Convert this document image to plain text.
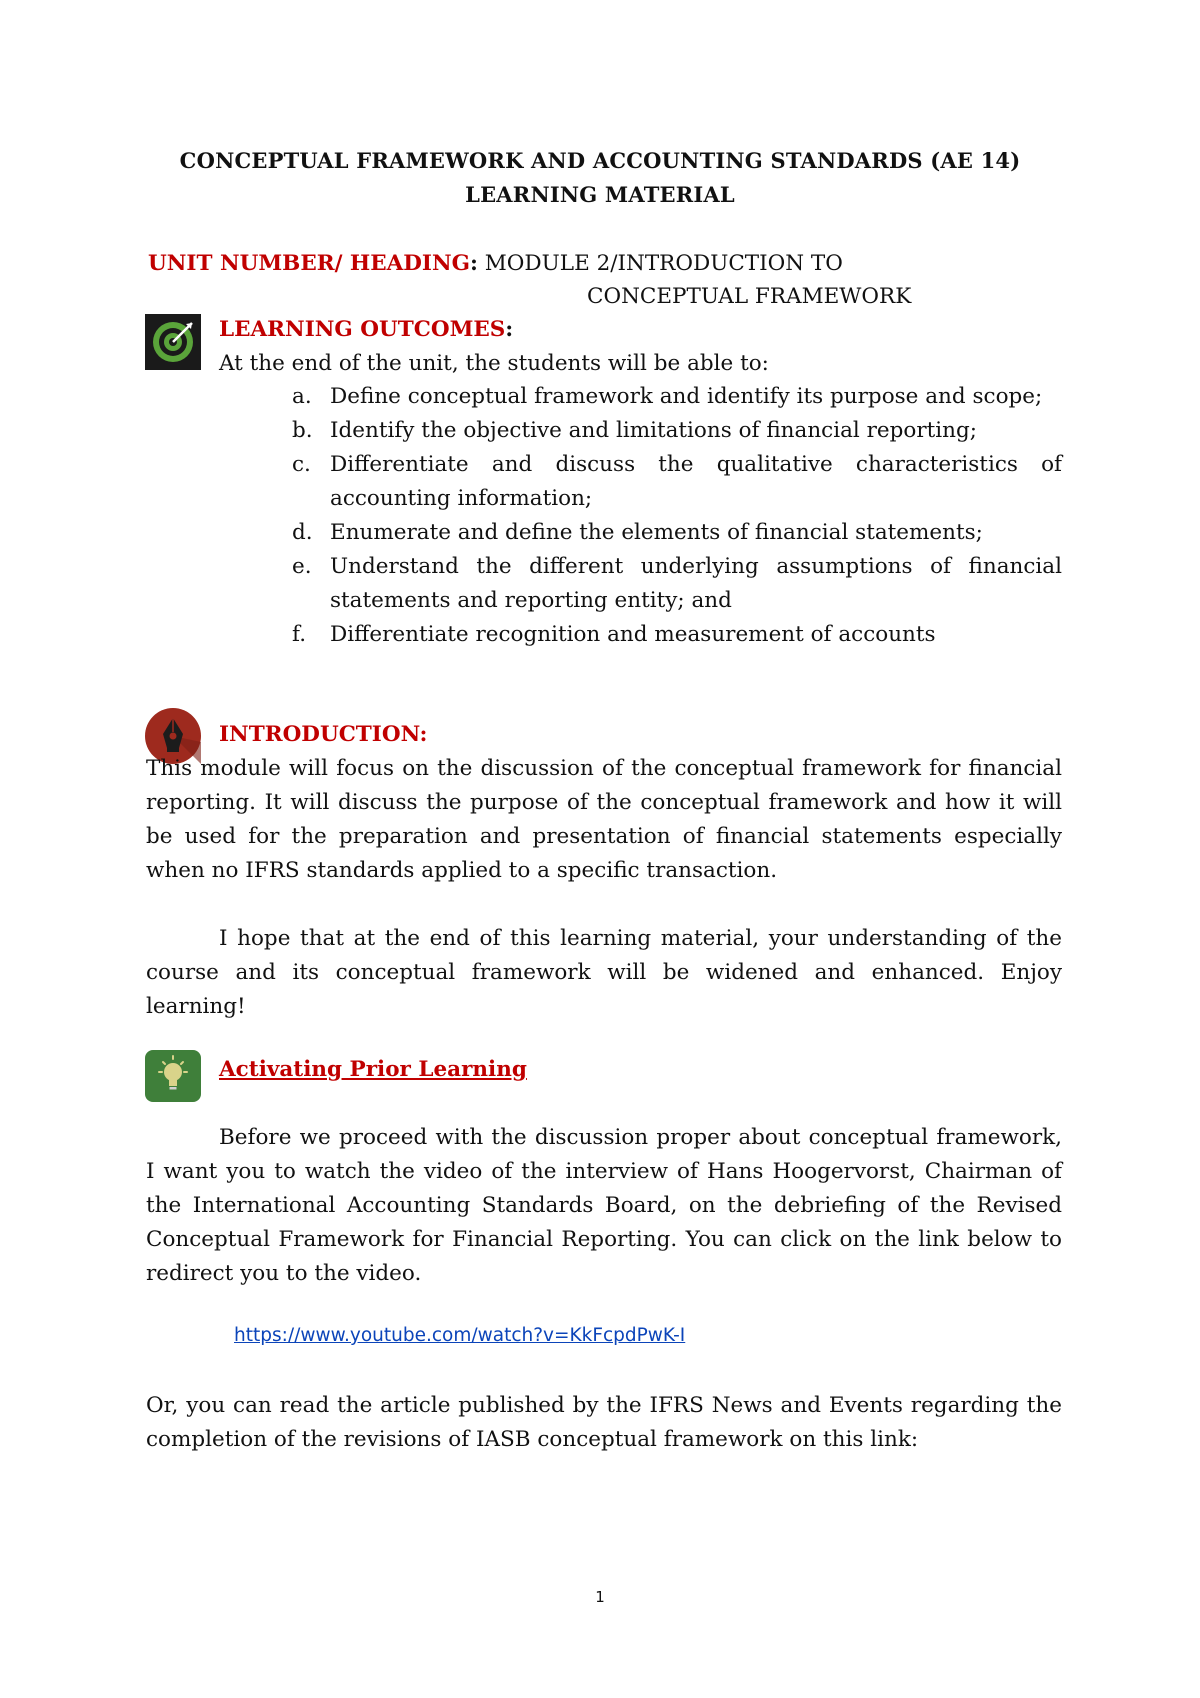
CONCEPTUAL FRAMEWORK AND ACCOUNTING STANDARDS (AE 14)
LEARNING MATERIAL
UNIT NUMBER/ HEADING: MODULE 2/INTRODUCTION TO
CONCEPTUAL FRAMEWORK
LEARNING OUTCOMES:
At the end of the unit, the students will be able to:
a. Define conceptual framework and identify its purpose and scope;
b. Identify the objective and limitations of financial reporting;
c. Differentiate and discuss the qualitative characteristics of accounting information;
d. Enumerate and define the elements of financial statements;
e. Understand the different underlying assumptions of financial statements and reporting entity; and
f. Differentiate recognition and measurement of accounts
INTRODUCTION:

This module will focus on the discussion of the conceptual framework for financial reporting. It will discuss the purpose of the conceptual framework and how it will be used for the preparation and presentation of financial statements especially when no IFRS standards applied to a specific transaction.

I hope that at the end of this learning material, your understanding of the course and its conceptual framework will be widened and enhanced. Enjoy learning!

Activating Prior Learning

Before we proceed with the discussion proper about conceptual framework, I want you to watch the video of the interview of Hans Hoogervorst, Chairman of the International Accounting Standards Board, on the debriefing of the Revised Conceptual Framework for Financial Reporting. You can click on the link below to redirect you to the video.

https://www.youtube.com/watch?v=KkFcpdPwK-I

Or, you can read the article published by the IFRS News and Events regarding the completion of the revisions of IASB conceptual framework on this link:

1
